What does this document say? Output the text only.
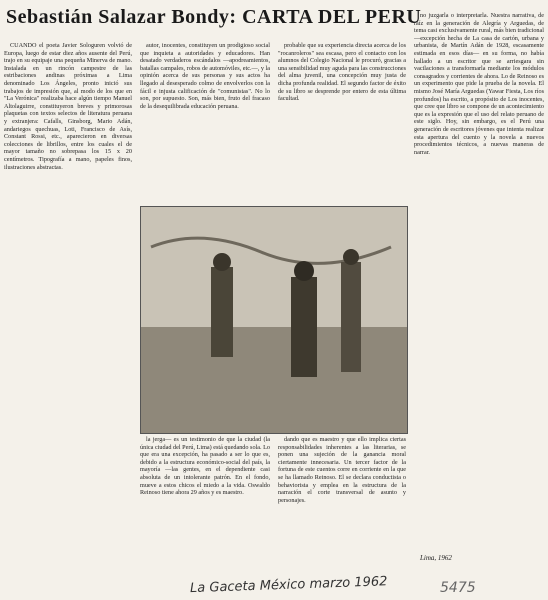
Sebastián Salazar Bondy: CARTA DEL PERU

CUANDO el poeta Javier Sologuren volvió de Europa, luego de estar diez años ausente del Perú, trajo en su equipaje una pequeña Minerva de mano. Instalada en un rincón campestre de las estribaciones andinas próximas a Lima denominado Los Ángeles, pronto inició sus trabajos de impresión que, al modo de los que en "La Verónica" realizaba hace algún tiempo Manuel Altolaguirre, constituyeron breves y primorosas plaquetas con textos selectos de literatura peruana y extranjera: Cafalls, Ginsborg, Mario Adán, andariegos quechuas, Loti, Francisco de Asís, Constant Rossi, etc., aparecieron en diversas colecciones de librillos, entre los cuales el de mayor tamaño no sobrepasa los 15 x 20 centímetros. Tipografía a mano, papeles finos, ilustraciones abstractas.

autor, inocentes, constituyen un prodigioso social que inquieta a autoridades y educadores. Han desatado verdaderos escándalos —apodreamientos, batallas campales, robos de automóviles, etc.—, y la opinión acerca de sus personas y sus actos ha llegado al desesperado colmo de envolverlos con la fácil e injusta calificación de "comunistas". No lo son, por supuesto. Son, más bien, fruto del fracaso de la desequilibrada educación peruana.

probable que su experiencia directa acerca de los "rocanroleros" sea escasa, pero el contacto con los alumnos del Colegio Nacional le procuró, gracias a una sensibilidad muy aguda para las construcciones del alma juvenil, una concepción muy justa de dicha profunda realidad. El segundo factor de éxito de su libro se desprende por entero de esta última facultad.

no juzgarla o interpretarla. Nuestra narrativa, de raíz en la generación de Alegría y Arguedas, de tema casi exclusivamente rural, más bien tradicional —excepción hecha de La casa de cartón, urbana y urbanista, de Martín Adán de 1928, escasamente estimada en esos días— en su forma, no había hallado a un escritor que se arriesgara sin vacilaciones a transformarla mediante los módulos consagrados y corrientes de ahora. Lo de Reinoso es un experimento que pide la prueba de la novela. El mismo José María Arguedas (Yawar Fiesta, Los ríos profundos) ha escrito, a propósito de Los inocentes, que cree que libro se compone de un acontecimiento que es la expresión que el uso del relato peruano de este siglo. Hoy, sin embargo, es el Perú una generación de escritores jóvenes que intenta realizar esta apertura del cuento y la novela a nuevos procedimientos técnicos, a nuevas maneras de narrar.

la jerga— es un testimonio de que la ciudad (la única ciudad del Perú, Lima) está quedando sola. Lo que era una excepción, ha pasado a ser lo que es, debido a la estructura económico-social del país, la mayoría —las gentes, en el dependiente casi absoluta de un intolerante patrón. En el fondo, mueve a estos chicos el miedo a la vida. Oswaldo Reinoso tiene ahora 29 años y es maestro.

dando que es maestro y que ello implica ciertas responsabilidades inherentes a las literarias, se ponen una sujeción de la ganancia moral ciertamente innecesaria. Un tercer factor de la fortuna de este cuentos corre en corriente en la que se ha llamado Reinoso. El se declara conductista o behaviorista y emplea en la estructura de la narración el corte transversal de asunto y personajes.

Lima, 1962
La Gaceta México marzo 1962	5475
